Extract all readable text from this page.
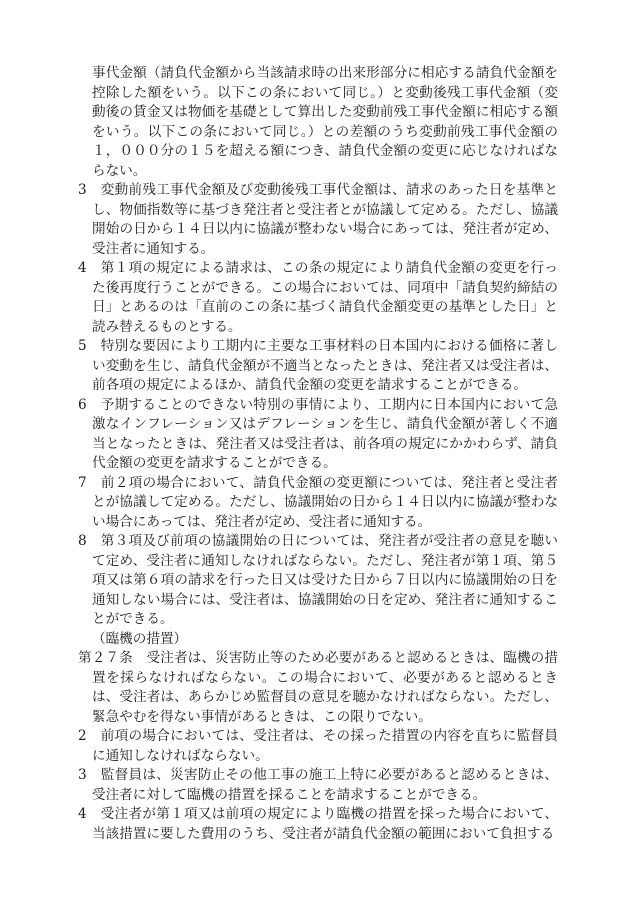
事代金額（請負代金額から当該請求時の出来形部分に相応する請負代金額を控除した額をいう。以下この条において同じ。）と変動後残工事代金額（変動後の賃金又は物価を基礎として算出した変動前残工事代金額に相応する額をいう。以下この条において同じ。）との差額のうち変動前残工事代金額の１，０００分の１５を超える額につき、請負代金額の変更に応じなければならない。

3　変動前残工事代金額及び変動後残工事代金額は、請求のあった日を基準とし、物価指数等に基づき発注者と受注者とが協議して定める。ただし、協議開始の日から１４日以内に協議が整わない場合にあっては、発注者が定め、受注者に通知する。

4　第１項の規定による請求は、この条の規定により請負代金額の変更を行った後再度行うことができる。この場合においては、同項中「請負契約締結の日」とあるのは「直前のこの条に基づく請負代金額変更の基準とした日」と読み替えるものとする。

5　特別な要因により工期内に主要な工事材料の日本国内における価格に著しい変動を生じ、請負代金額が不適当となったときは、発注者又は受注者は、前各項の規定によるほか、請負代金額の変更を請求することができる。

6　予期することのできない特別の事情により、工期内に日本国内において急激なインフレーション又はデフレーションを生じ、請負代金額が著しく不適当となったときは、発注者又は受注者は、前各項の規定にかかわらず、請負代金額の変更を請求することができる。

7　前２項の場合において、請負代金額の変更額については、発注者と受注者とが協議して定める。ただし、協議開始の日から１４日以内に協議が整わない場合にあっては、発注者が定め、受注者に通知する。

8　第３項及び前項の協議開始の日については、発注者が受注者の意見を聴いて定め、受注者に通知しなければならない。ただし、発注者が第１項、第５項又は第６項の請求を行った日又は受けた日から７日以内に協議開始の日を通知しない場合には、受注者は、協議開始の日を定め、発注者に通知することができる。

（臨機の措置）

第２７条　受注者は、災害防止等のため必要があると認めるときは、臨機の措置を採らなければならない。この場合において、必要があると認めるときは、受注者は、あらかじめ監督員の意見を聴かなければならない。ただし、緊急やむを得ない事情があるときは、この限りでない。

2　前項の場合においては、受注者は、その採った措置の内容を直ちに監督員に通知しなければならない。

3　監督員は、災害防止その他工事の施工上特に必要があると認めるときは、受注者に対して臨機の措置を採ることを請求することができる。

4　受注者が第１項又は前項の規定により臨機の措置を採った場合において、当該措置に要した費用のうち、受注者が請負代金額の範囲において負担する
